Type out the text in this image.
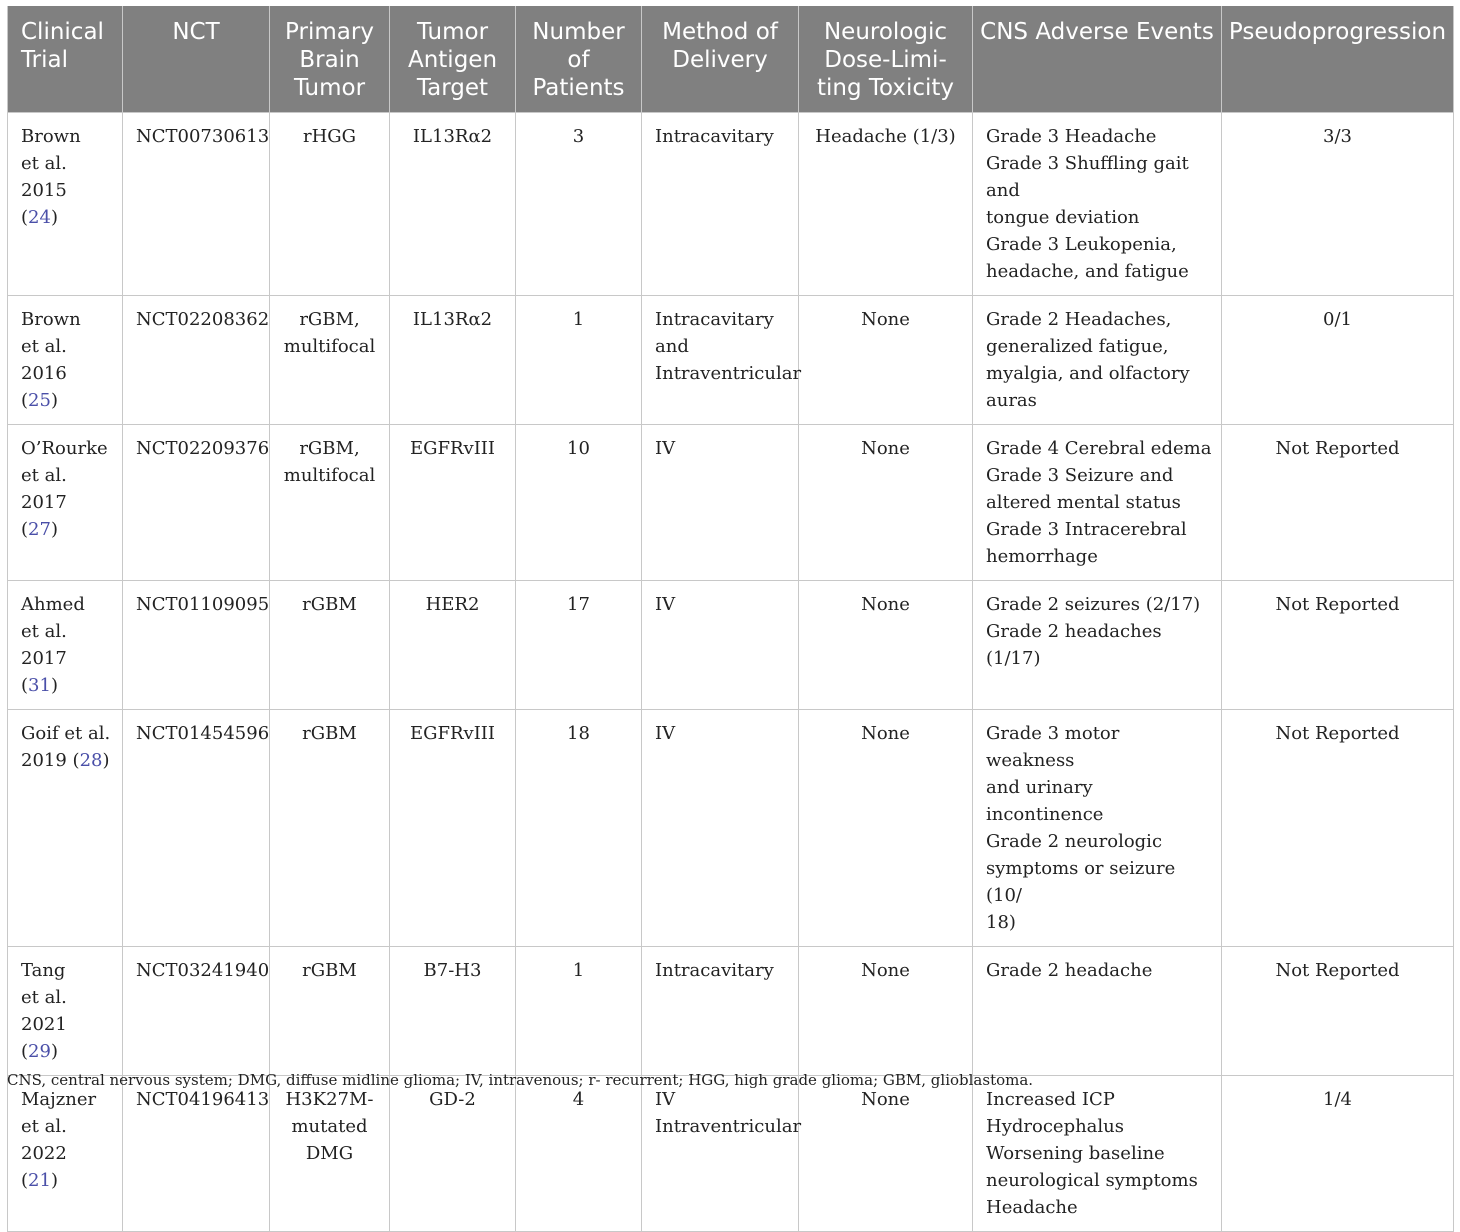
Clinical
Trial	NCT	Primary
Brain
Tumor	Tumor
Antigen
Target	Number
of
Patients	Method of
Delivery	Neurologic
Dose-Limi-
ting Toxicity	CNS Adverse Events	Pseudoprogression

Brown
et al. 2015
(24)	NCT00730613	rHGG	IL13Rα2	3	Intracavitary	Headache (1/3)	Grade 3 Headache
Grade 3 Shuffling gait and
tongue deviation
Grade 3 Leukopenia,
headache, and fatigue	3/3

Brown
et al. 2016
(25)	NCT02208362	rGBM,
multifocal	IL13Rα2	1	Intracavitary
and
Intraventricular	None	Grade 2 Headaches,
generalized fatigue,
myalgia, and olfactory
auras	0/1

O’Rourke
et al. 2017
(27)	NCT02209376	rGBM,
multifocal	EGFRvIII	10	IV	None	Grade 4 Cerebral edema
Grade 3 Seizure and
altered mental status
Grade 3 Intracerebral
hemorrhage	Not Reported

Ahmed
et al. 2017
(31)	NCT01109095	rGBM	HER2	17	IV	None	Grade 2 seizures (2/17)
Grade 2 headaches (1/17)	Not Reported

Goif et al.
2019 (28)	NCT01454596	rGBM	EGFRvIII	18	IV	None	Grade 3 motor weakness
and urinary incontinence
Grade 2 neurologic
symptoms or seizure (10/
18)	Not Reported

Tang
et al. 2021
(29)	NCT03241940	rGBM	B7-H3	1	Intracavitary	None	Grade 2 headache	Not Reported

Majzner
et al. 2022
(21)	NCT04196413	H3K27M-
mutated
DMG	GD-2	4	IV
Intraventricular	None	Increased ICP
Hydrocephalus
Worsening baseline
neurological symptoms
Headache	1/4
CNS, central nervous system; DMG, diffuse midline glioma; IV, intravenous; r- recurrent; HGG, high grade glioma; GBM, glioblastoma.
